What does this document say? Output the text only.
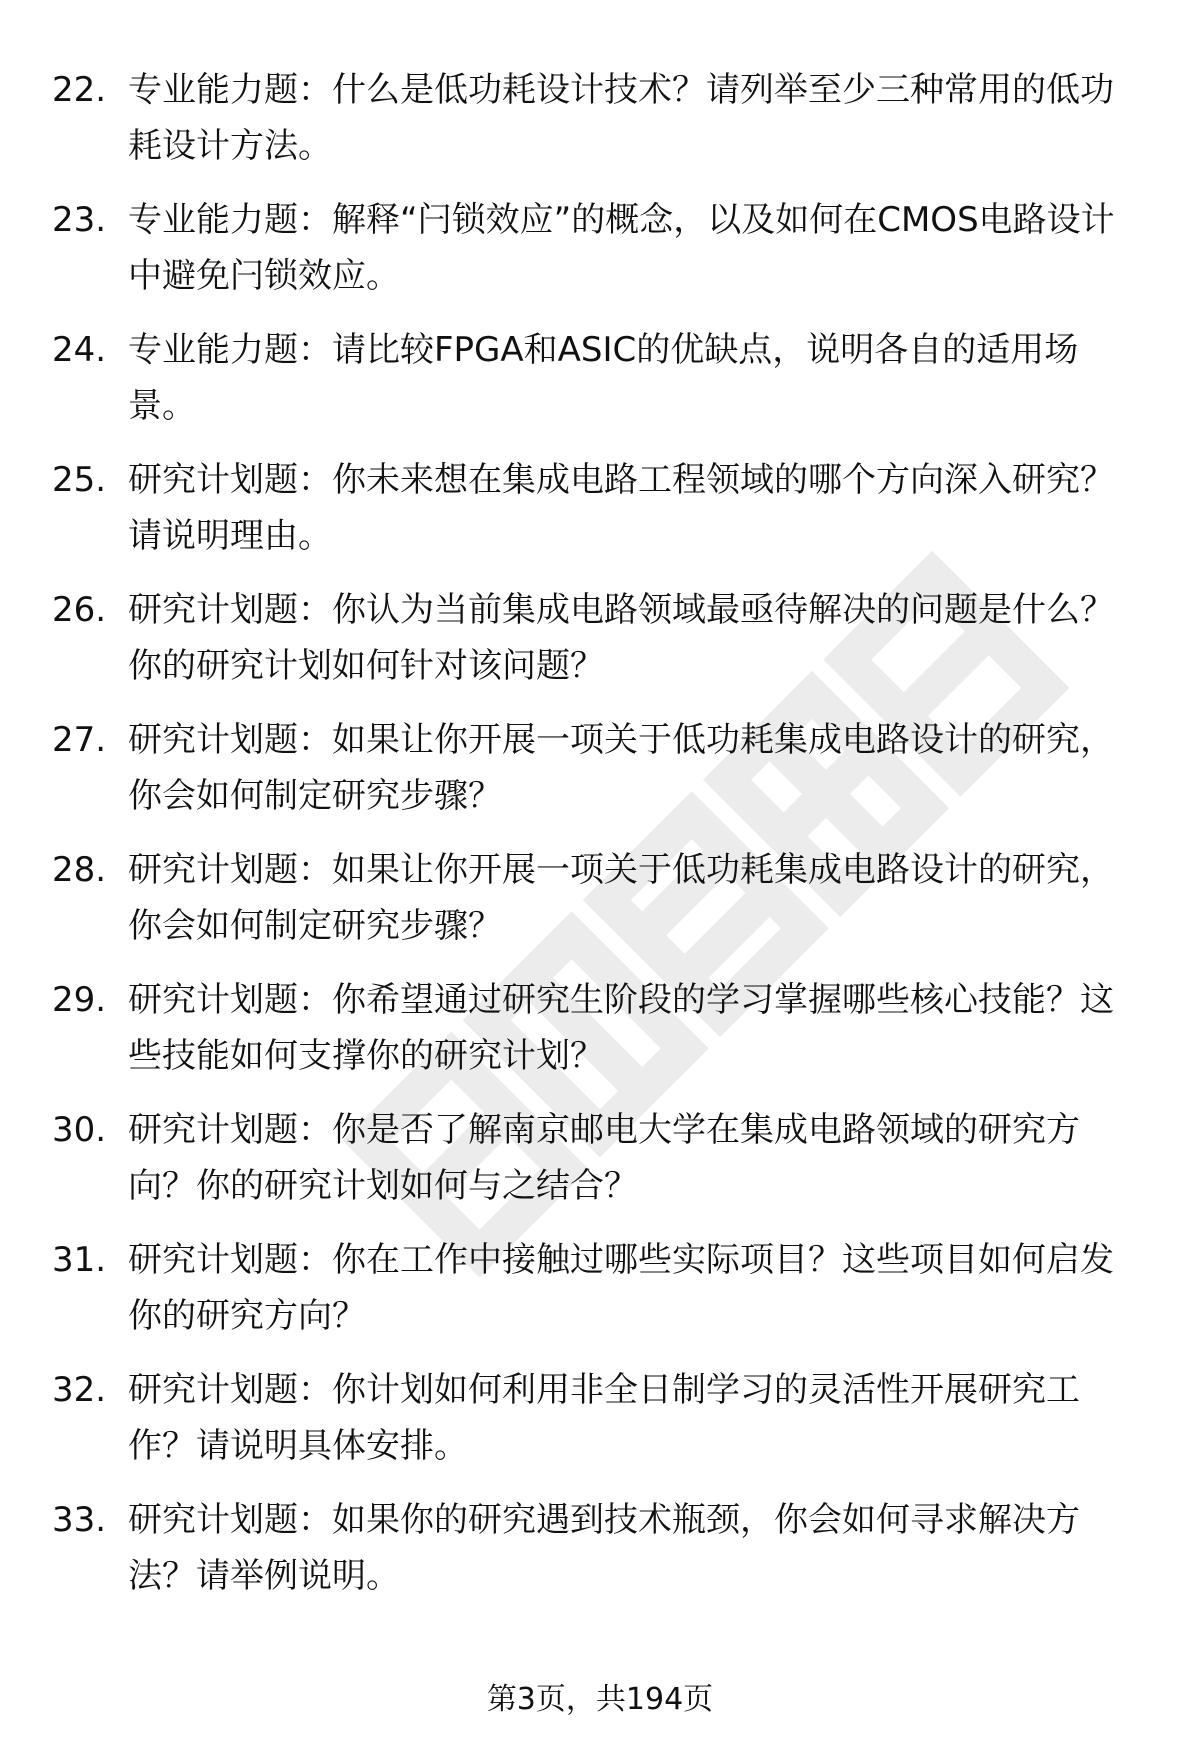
22. 专业能力题：什么是低功耗设计技术？请列举至少三种常用的低功耗设计方法。
23. 专业能力题：解释“闩锁效应”的概念，以及如何在CMOS电路设计中避免闩锁效应。
24. 专业能力题：请比较FPGA和ASIC的优缺点，说明各自的适用场景。
25. 研究计划题：你未来想在集成电路工程领域的哪个方向深入研究？请说明理由。
26. 研究计划题：你认为当前集成电路领域最亟待解决的问题是什么？你的研究计划如何针对该问题？
27. 研究计划题：如果让你开展一项关于低功耗集成电路设计的研究，你会如何制定研究步骤？
28. 研究计划题：如果让你开展一项关于低功耗集成电路设计的研究，你会如何制定研究步骤？
29. 研究计划题：你希望通过研究生阶段的学习掌握哪些核心技能？这些技能如何支撑你的研究计划？
30. 研究计划题：你是否了解南京邮电大学在集成电路领域的研究方向？你的研究计划如何与之结合？
31. 研究计划题：你在工作中接触过哪些实际项目？这些项目如何启发你的研究方向？
32. 研究计划题：你计划如何利用非全日制学习的灵活性开展研究工作？请说明具体安排。
33. 研究计划题：如果你的研究遇到技术瓶颈，你会如何寻求解决方法？请举例说明。
第3页，共194页
